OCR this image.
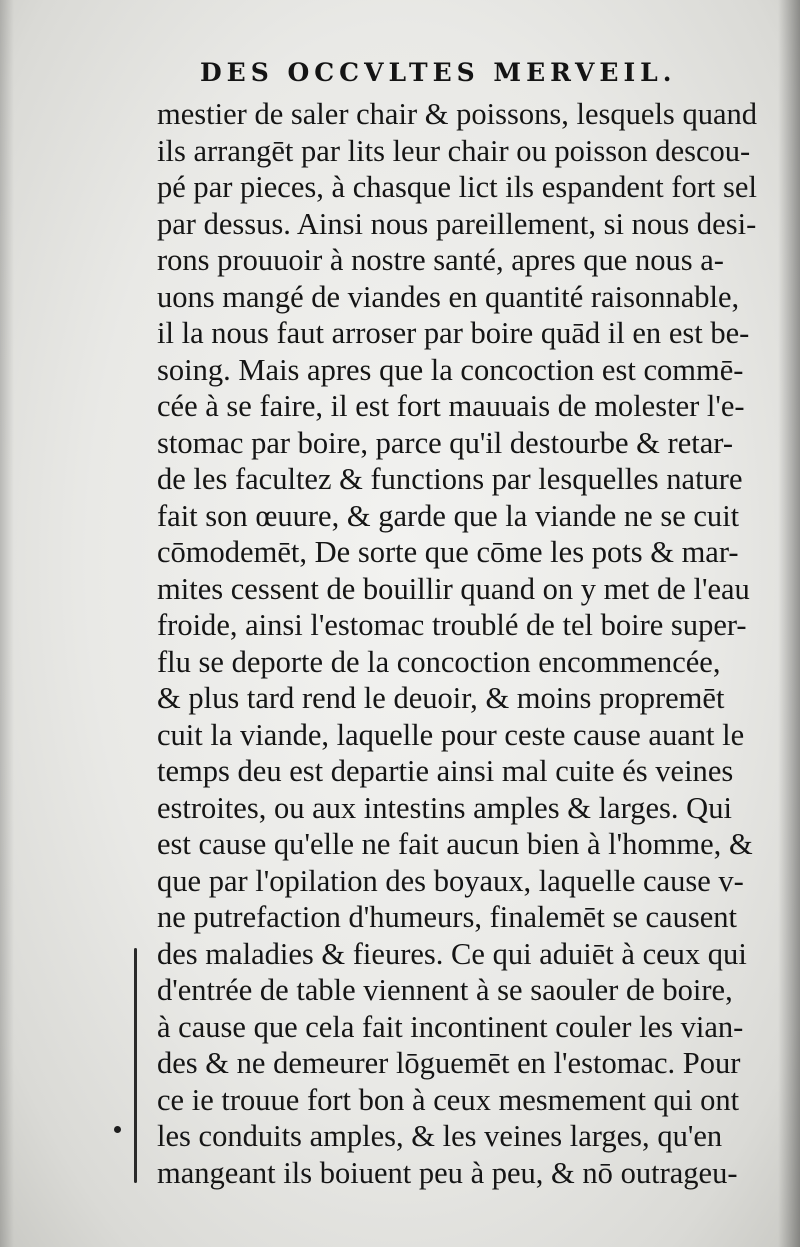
DES OCCVLTES MERVEIL.
mestier de saler chair & poissons, lesquels quand
ils arrangēt par lits leur chair ou poisson descou-
pé par pieces, à chasque lict ils espandent fort sel
par dessus. Ainsi nous pareillement, si nous desi-
rons prouuoir à nostre santé, apres que nous a-
uons mangé de viandes en quantité raisonnable,
il la nous faut arroser par boire quād il en est be-
soing. Mais apres que la concoction est commē-
cée à se faire, il est fort mauuais de molester l'e-
stomac par boire, parce qu'il destourbe & retar-
de les facultez & functions par lesquelles nature
fait son œuure, & garde que la viande ne se cuit
cōmodemēt, De sorte que cōme les pots & mar-
mites cessent de bouillir quand on y met de l'eau
froide, ainsi l'estomac troublé de tel boire super-
flu se deporte de la concoction encommencée,
& plus tard rend le deuoir, & moins propremēt
cuit la viande, laquelle pour ceste cause auant le
temps deu est departie ainsi mal cuite és veines
estroites, ou aux intestins amples & larges. Qui
est cause qu'elle ne fait aucun bien à l'homme, &
que par l'opilation des boyaux, laquelle cause v-
ne putrefaction d'humeurs, finalemēt se causent
des maladies & fieures. Ce qui aduiēt à ceux qui
d'entrée de table viennent à se saouler de boire,
à cause que cela fait incontinent couler les vian-
des & ne demeurer lōguemēt en l'estomac. Pour
ce ie trouue fort bon à ceux mesmement qui ont
les conduits amples, & les veines larges, qu'en
mangeant ils boiuent peu à peu, & nō outrageu-
